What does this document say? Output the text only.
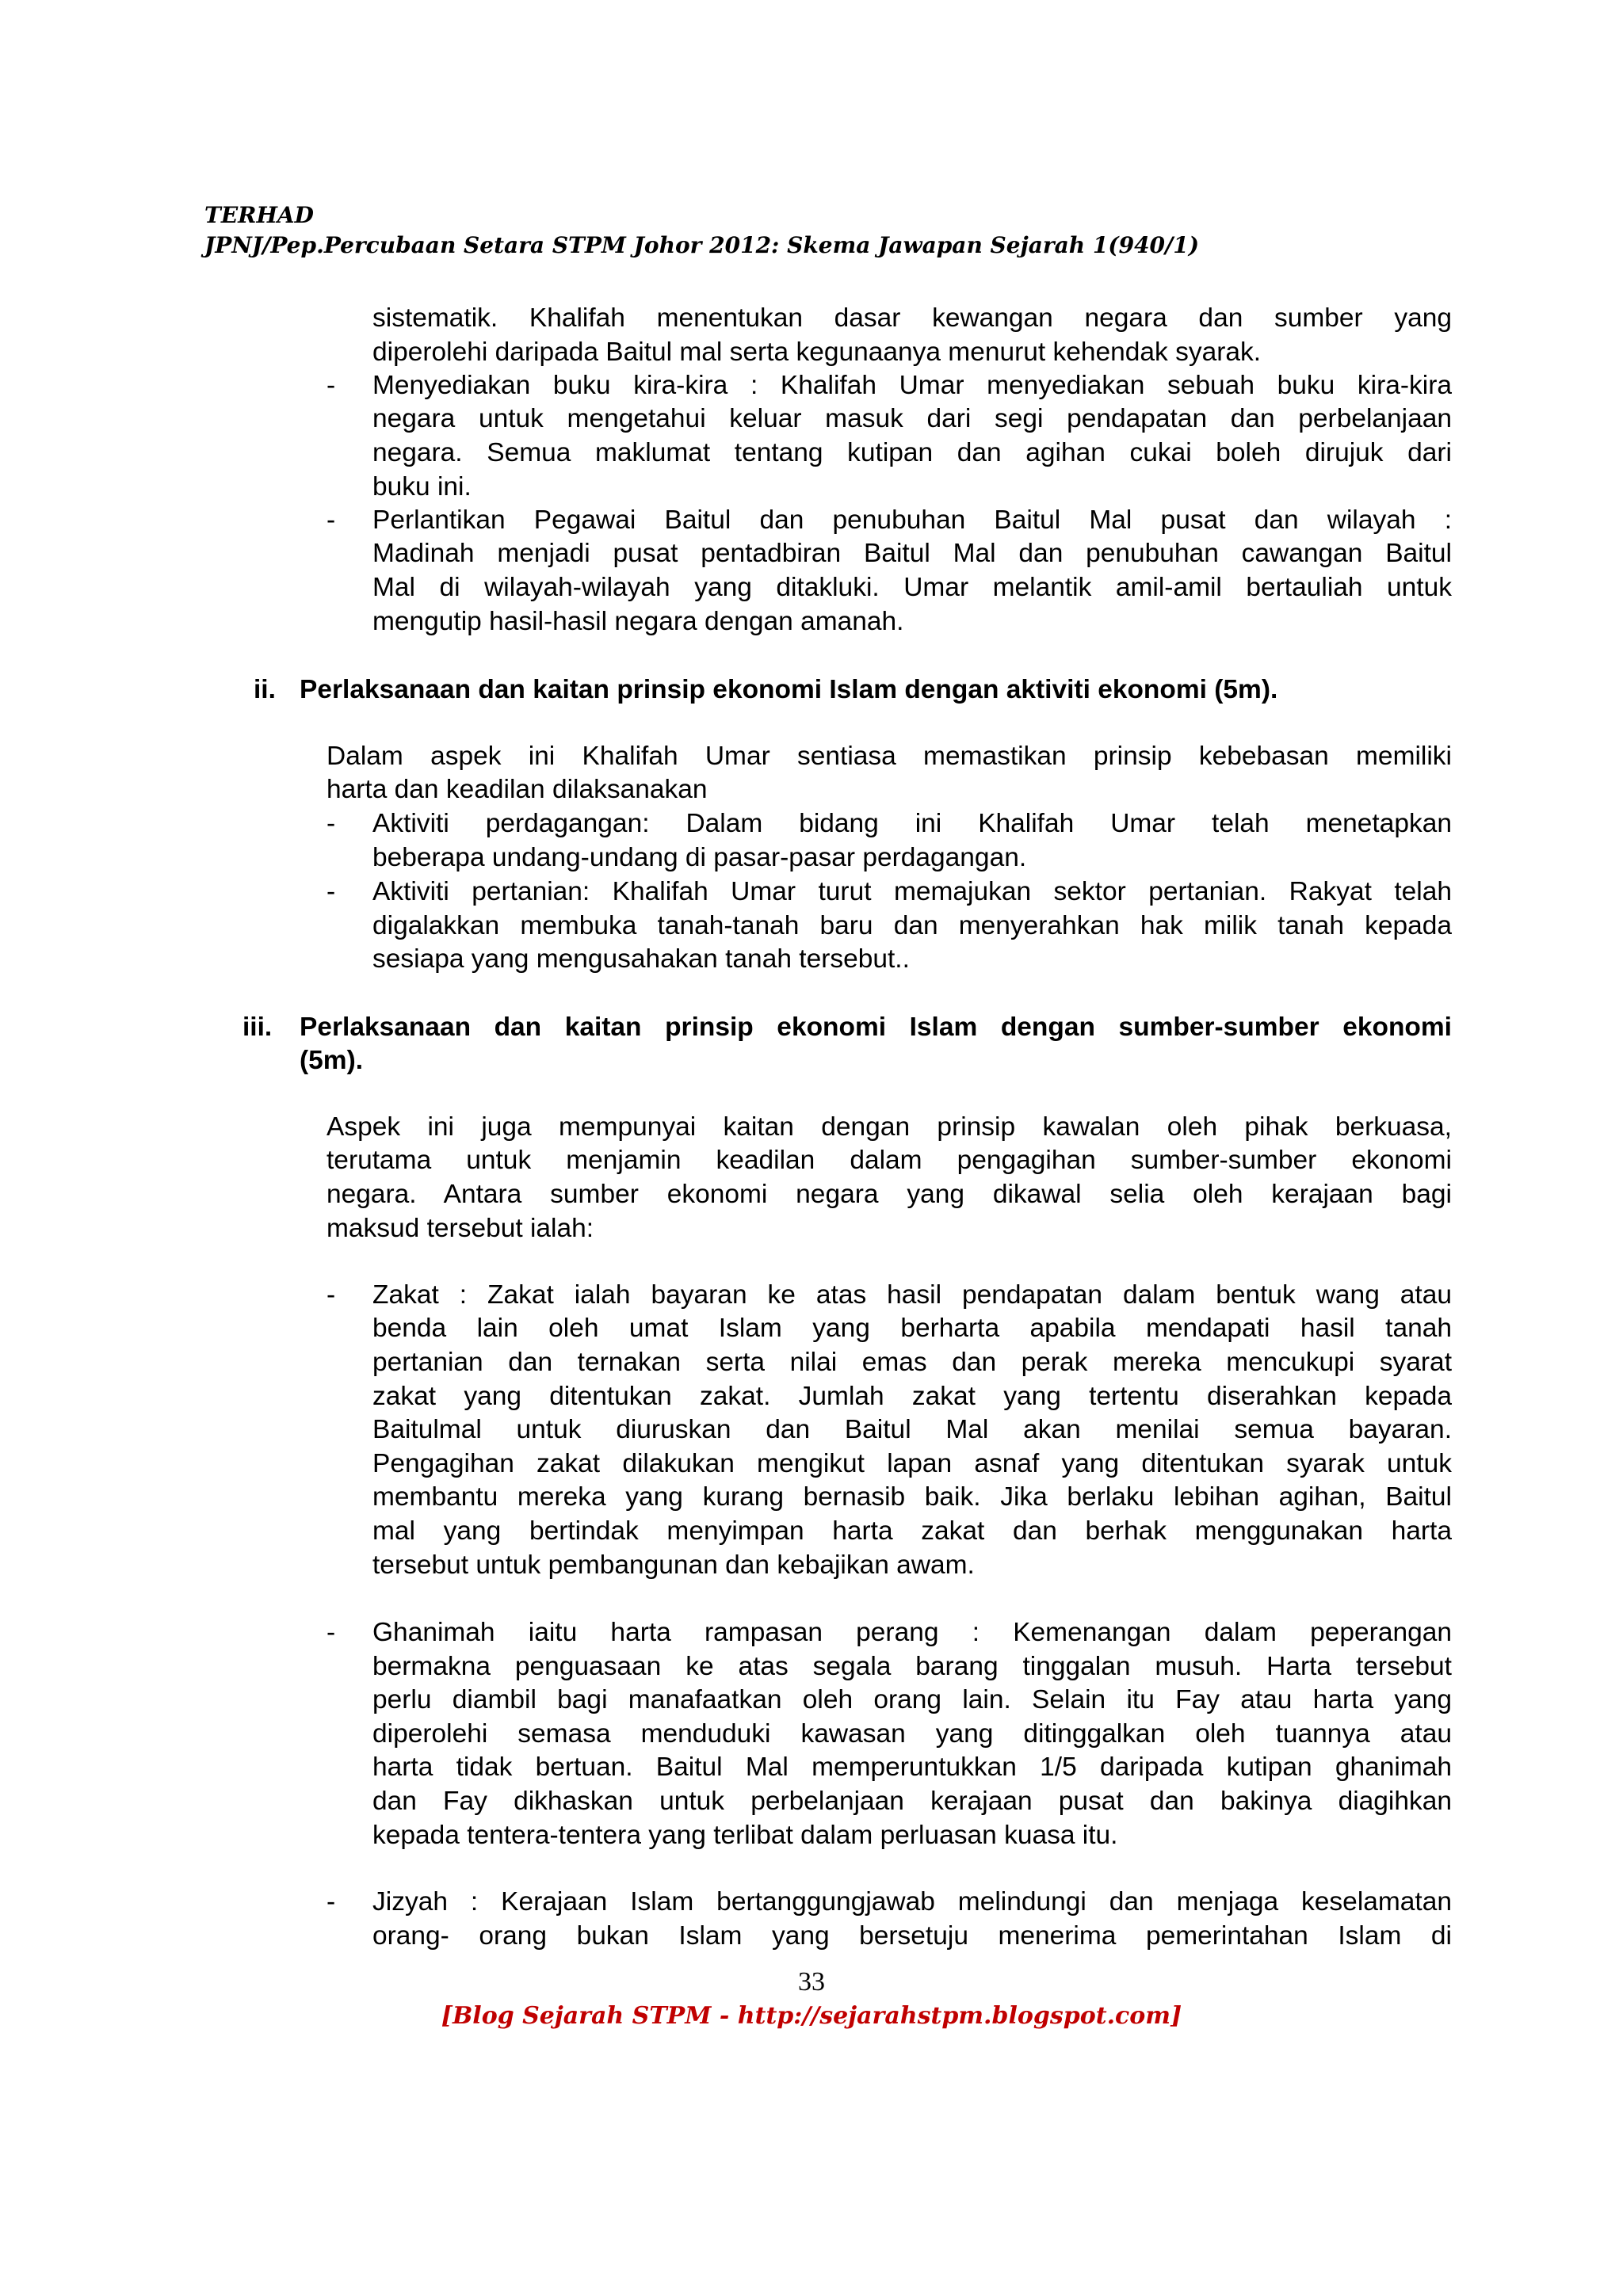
TERHAD
JPNJ/Pep.Percubaan Setara STPM Johor 2012: Skema Jawapan Sejarah 1(940/1)
sistematik. Khalifah menentukan dasar kewangan negara dan sumber yang
diperolehi daripada Baitul mal serta kegunaanya menurut kehendak syarak.
- Menyediakan buku kira-kira : Khalifah Umar menyediakan sebuah buku kira-kira
negara untuk mengetahui keluar masuk dari segi pendapatan dan perbelanjaan
negara. Semua maklumat tentang kutipan dan agihan cukai boleh dirujuk dari
buku ini.
- Perlantikan Pegawai Baitul dan penubuhan Baitul Mal pusat dan wilayah :
Madinah menjadi pusat pentadbiran Baitul Mal dan penubuhan cawangan Baitul
Mal di wilayah-wilayah yang ditakluki. Umar melantik amil-amil bertauliah untuk
mengutip hasil-hasil negara dengan amanah.
ii. Perlaksanaan dan kaitan prinsip ekonomi Islam dengan aktiviti ekonomi (5m).
Dalam aspek ini Khalifah Umar sentiasa memastikan prinsip kebebasan memiliki
harta dan keadilan dilaksanakan
- Aktiviti perdagangan: Dalam bidang ini Khalifah Umar telah menetapkan
beberapa undang-undang di pasar-pasar perdagangan.
- Aktiviti pertanian: Khalifah Umar turut memajukan sektor pertanian. Rakyat telah
digalakkan membuka tanah-tanah baru dan menyerahkan hak milik tanah kepada
sesiapa yang mengusahakan tanah tersebut..
iii. Perlaksanaan dan kaitan prinsip ekonomi Islam dengan sumber-sumber ekonomi
(5m).
Aspek ini juga mempunyai kaitan dengan prinsip kawalan oleh pihak berkuasa,
terutama untuk menjamin keadilan dalam pengagihan sumber-sumber ekonomi
negara. Antara sumber ekonomi negara yang dikawal selia oleh kerajaan bagi
maksud tersebut ialah:
- Zakat : Zakat ialah bayaran ke atas hasil pendapatan dalam bentuk wang atau
benda lain oleh umat Islam yang berharta apabila mendapati hasil tanah
pertanian dan ternakan serta nilai emas dan perak mereka mencukupi syarat
zakat yang ditentukan zakat. Jumlah zakat yang tertentu diserahkan kepada
Baitulmal untuk diuruskan dan Baitul Mal akan menilai semua bayaran.
Pengagihan zakat dilakukan mengikut lapan asnaf yang ditentukan syarak untuk
membantu mereka yang kurang bernasib baik. Jika berlaku lebihan agihan, Baitul
mal yang bertindak menyimpan harta zakat dan berhak menggunakan harta
tersebut untuk pembangunan dan kebajikan awam.
- Ghanimah iaitu harta rampasan perang : Kemenangan dalam peperangan
bermakna penguasaan ke atas segala barang tinggalan musuh. Harta tersebut
perlu diambil bagi manafaatkan oleh orang lain. Selain itu Fay atau harta yang
diperolehi semasa menduduki kawasan yang ditinggalkan oleh tuannya atau
harta tidak bertuan. Baitul Mal memperuntukkan 1/5 daripada kutipan ghanimah
dan Fay dikhaskan untuk perbelanjaan kerajaan pusat dan bakinya diagihkan
kepada tentera-tentera yang terlibat dalam perluasan kuasa itu.
- Jizyah : Kerajaan Islam bertanggungjawab melindungi dan menjaga keselamatan
orang- orang bukan Islam yang bersetuju menerima pemerintahan Islam di
33
[Blog Sejarah STPM - http://sejarahstpm.blogspot.com]
